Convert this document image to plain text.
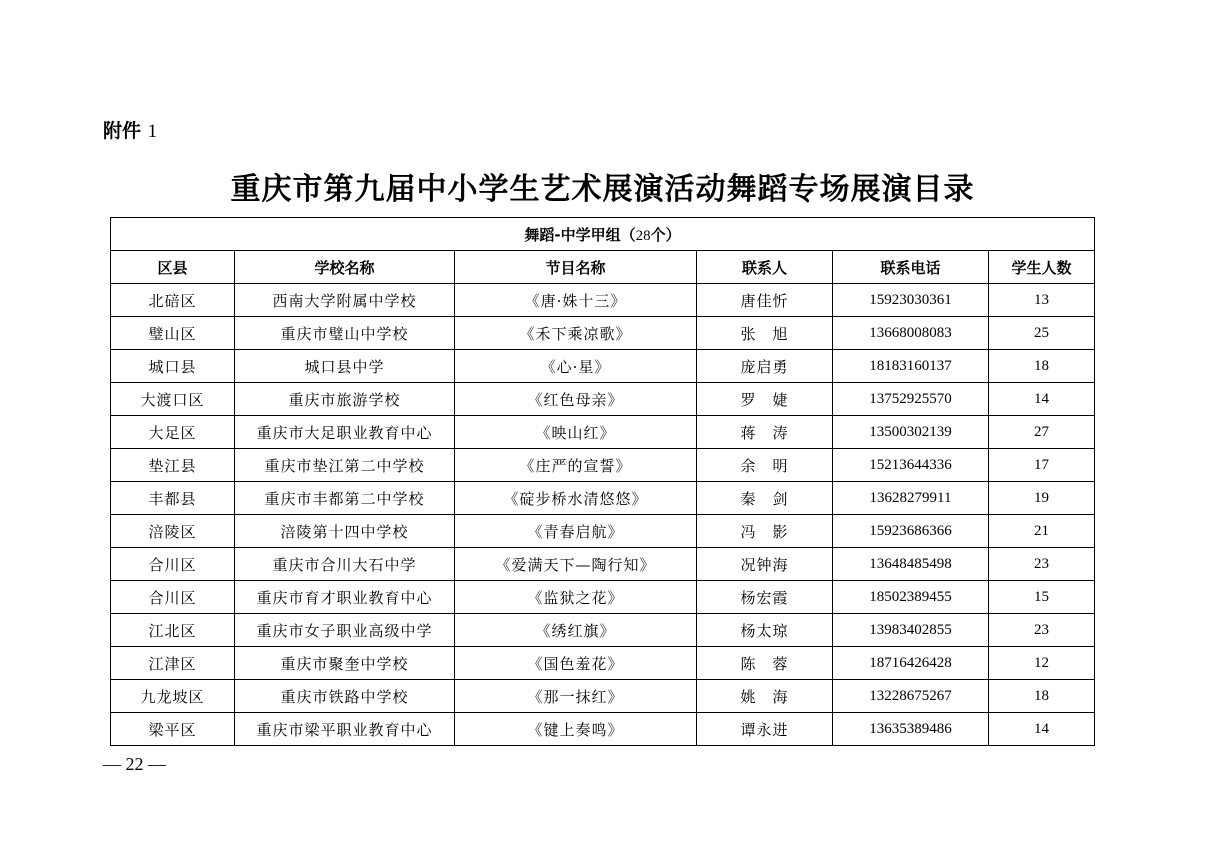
附件 1
重庆市第九届中小学生艺术展演活动舞蹈专场展演目录
舞蹈-中学甲组（28个）					
区县	学校名称	节目名称	联系人	联系电话	学生人数
北碚区	西南大学附属中学校	《唐·姝十三》	唐佳忻	15923030361	13
璧山区	重庆市璧山中学校	《禾下乘凉歌》	张　旭	13668008083	25
城口县	城口县中学	《心·星》	庞启勇	18183160137	18
大渡口区	重庆市旅游学校	《红色母亲》	罗　婕	13752925570	14
大足区	重庆市大足职业教育中心	《映山红》	蒋　涛	13500302139	27
垫江县	重庆市垫江第二中学校	《庄严的宣誓》	余　明	15213644336	17
丰都县	重庆市丰都第二中学校	《碇步桥水清悠悠》	秦　剑	13628279911	19
涪陵区	涪陵第十四中学校	《青春启航》	冯　影	15923686366	21
合川区	重庆市合川大石中学	《爱满天下—陶行知》	况钟海	13648485498	23
合川区	重庆市育才职业教育中心	《监狱之花》	杨宏霞	18502389455	15
江北区	重庆市女子职业高级中学	《绣红旗》	杨太琼	13983402855	23
江津区	重庆市聚奎中学校	《国色羞花》	陈　蓉	18716426428	12
九龙坡区	重庆市铁路中学校	《那一抹红》	姚　海	13228675267	18
梁平区	重庆市梁平职业教育中心	《键上奏鸣》	谭永进	13635389486	14
— 22 —
